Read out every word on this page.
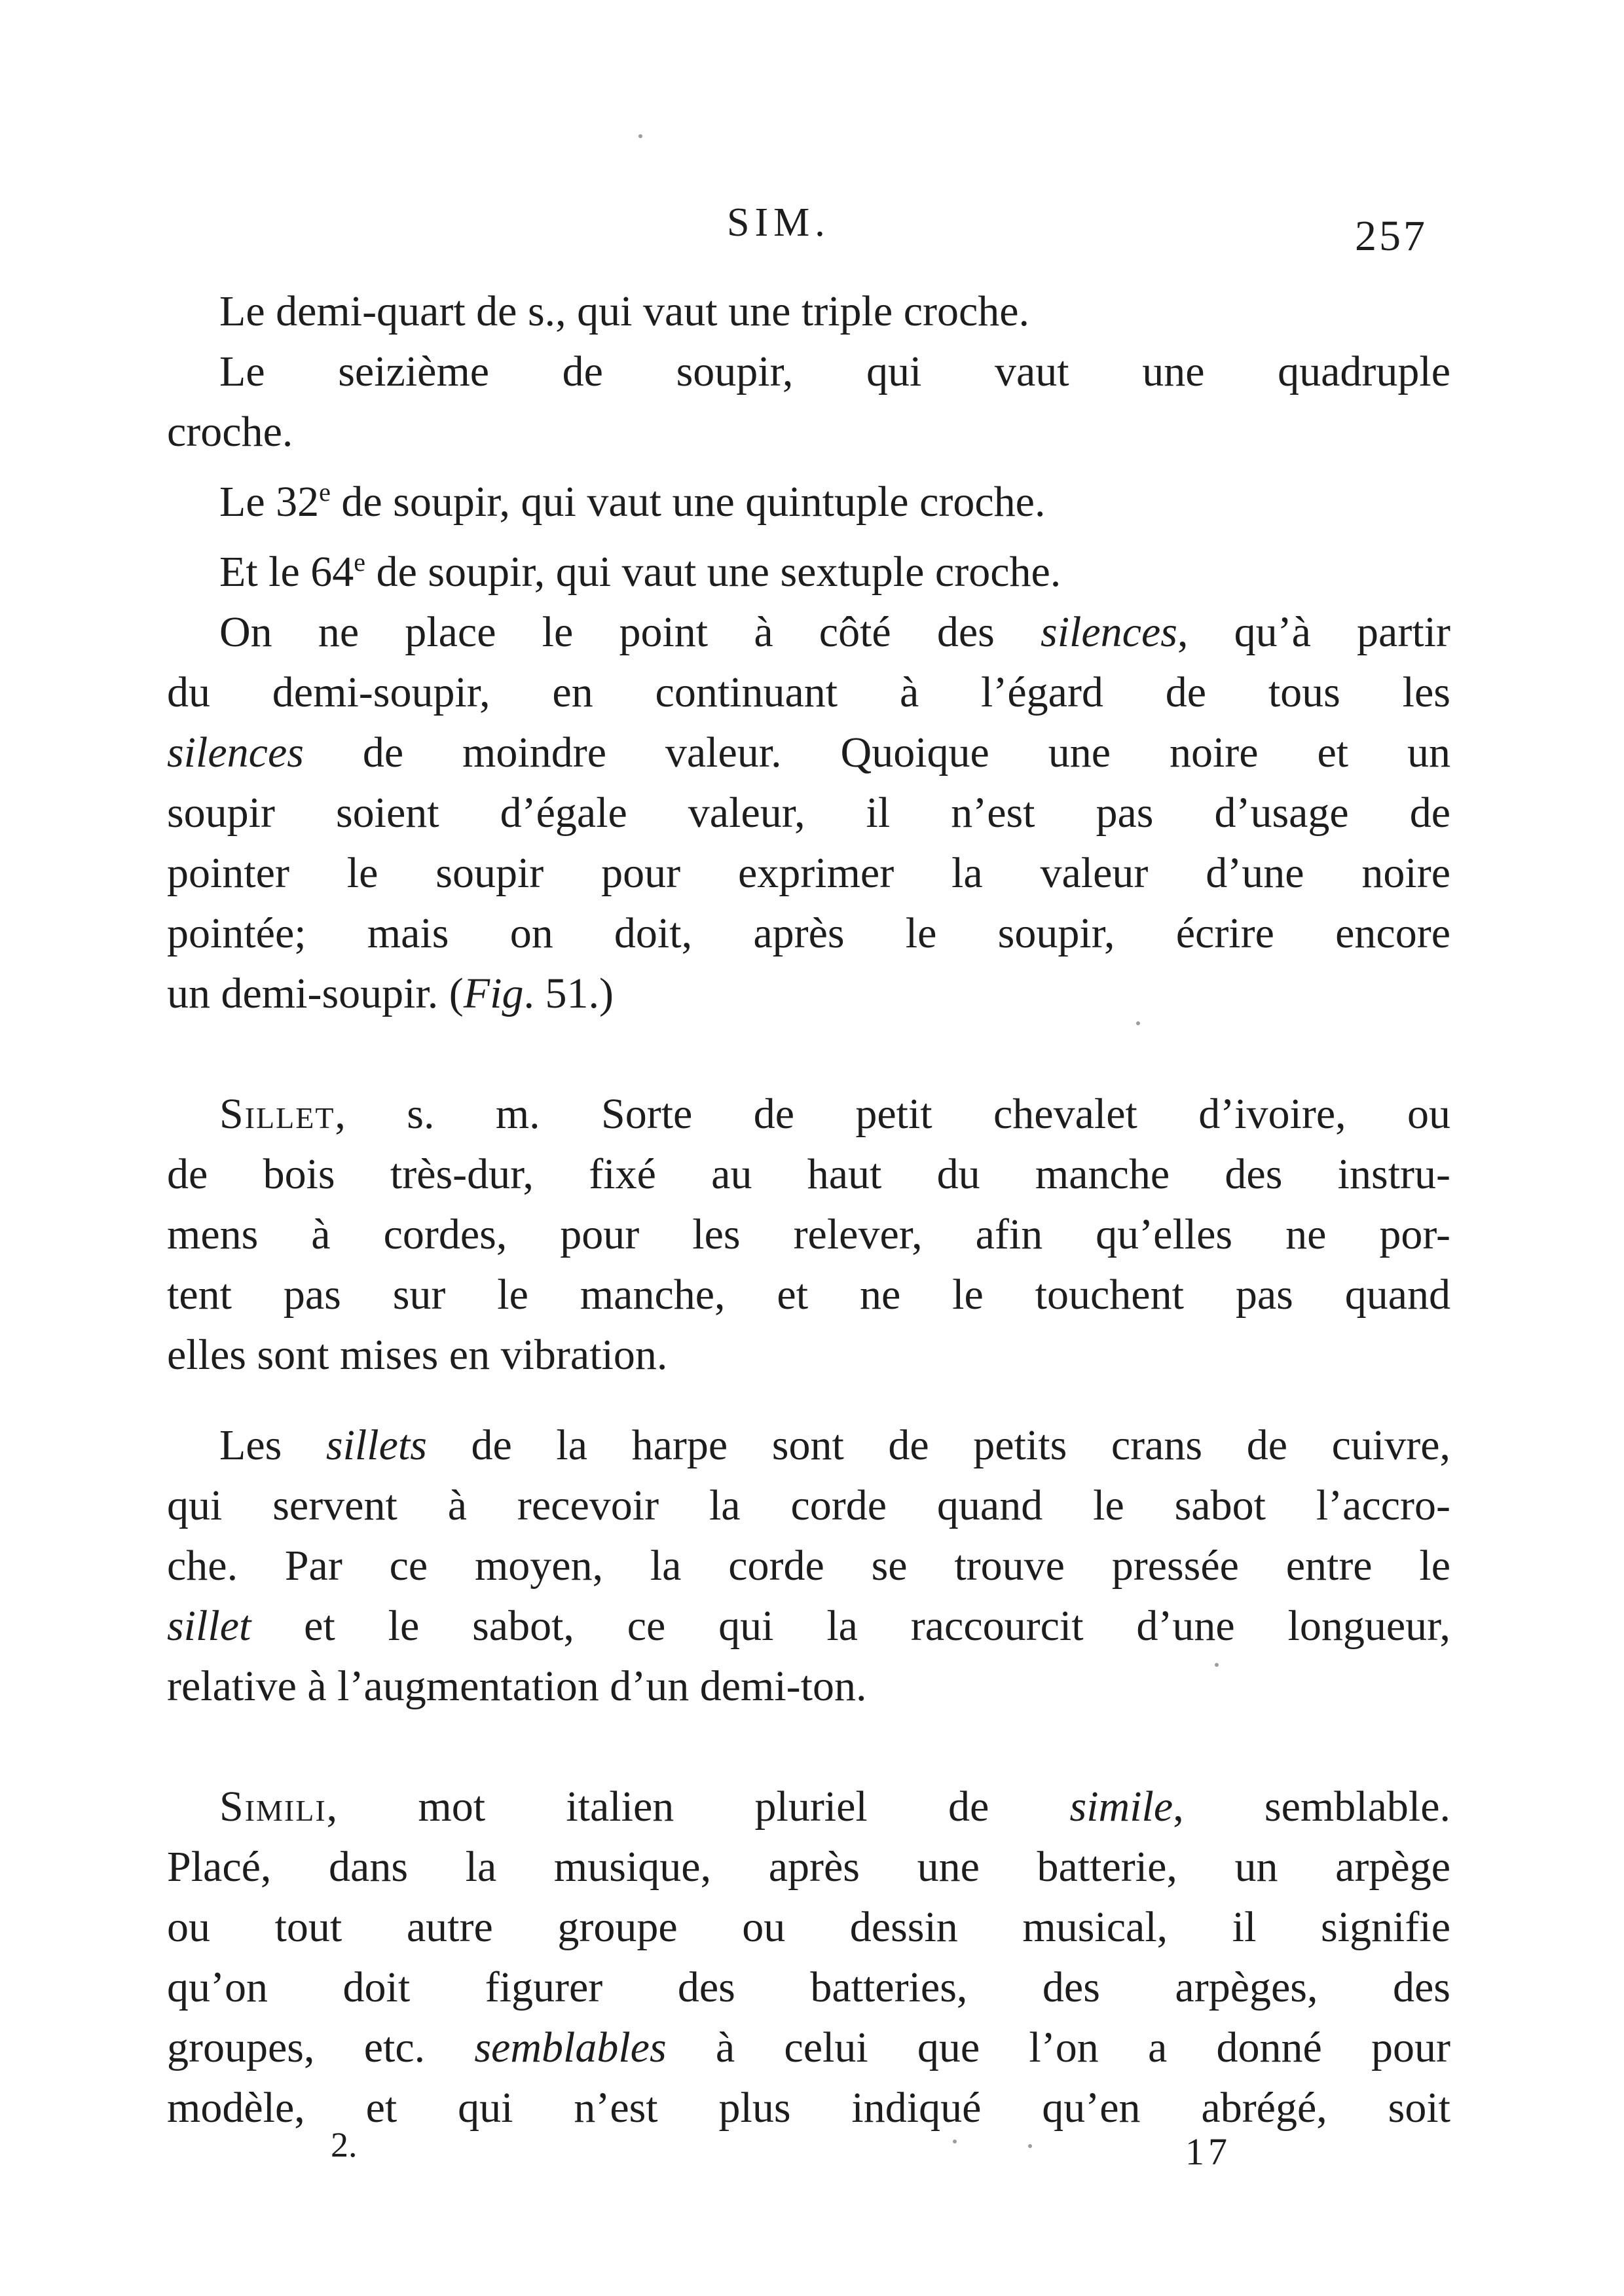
SIM.	257
Le demi-quart de s., qui vaut une triple croche.
Le seizième de soupir, qui vaut une quadruple
croche.
Le 32e de soupir, qui vaut une quintuple croche.
Et le 64e de soupir, qui vaut une sextuple croche.
On ne place le point à côté des silences, qu’à partir
du demi-soupir, en continuant à l’égard de tous les
silences de moindre valeur. Quoique une noire et un
soupir soient d’égale valeur, il n’est pas d’usage de
pointer le soupir pour exprimer la valeur d’une noire
pointée; mais on doit, après le soupir, écrire encore
un demi-soupir. (Fig. 51.)
Sillet, s. m. Sorte de petit chevalet d’ivoire, ou
de bois très-dur, fixé au haut du manche des instru-
mens à cordes, pour les relever, afin qu’elles ne por-
tent pas sur le manche, et ne le touchent pas quand
elles sont mises en vibration.
Les sillets de la harpe sont de petits crans de cuivre,
qui servent à recevoir la corde quand le sabot l’accro-
che. Par ce moyen, la corde se trouve pressée entre le
sillet et le sabot, ce qui la raccourcit d’une longueur,
relative à l’augmentation d’un demi-ton.
Simili, mot italien pluriel de simile, semblable.
Placé, dans la musique, après une batterie, un arpège
ou tout autre groupe ou dessin musical, il signifie
qu’on doit figurer des batteries, des arpèges, des
groupes, etc. semblables à celui que l’on a donné pour
modèle, et qui n’est plus indiqué qu’en abrégé, soit
2.	17
